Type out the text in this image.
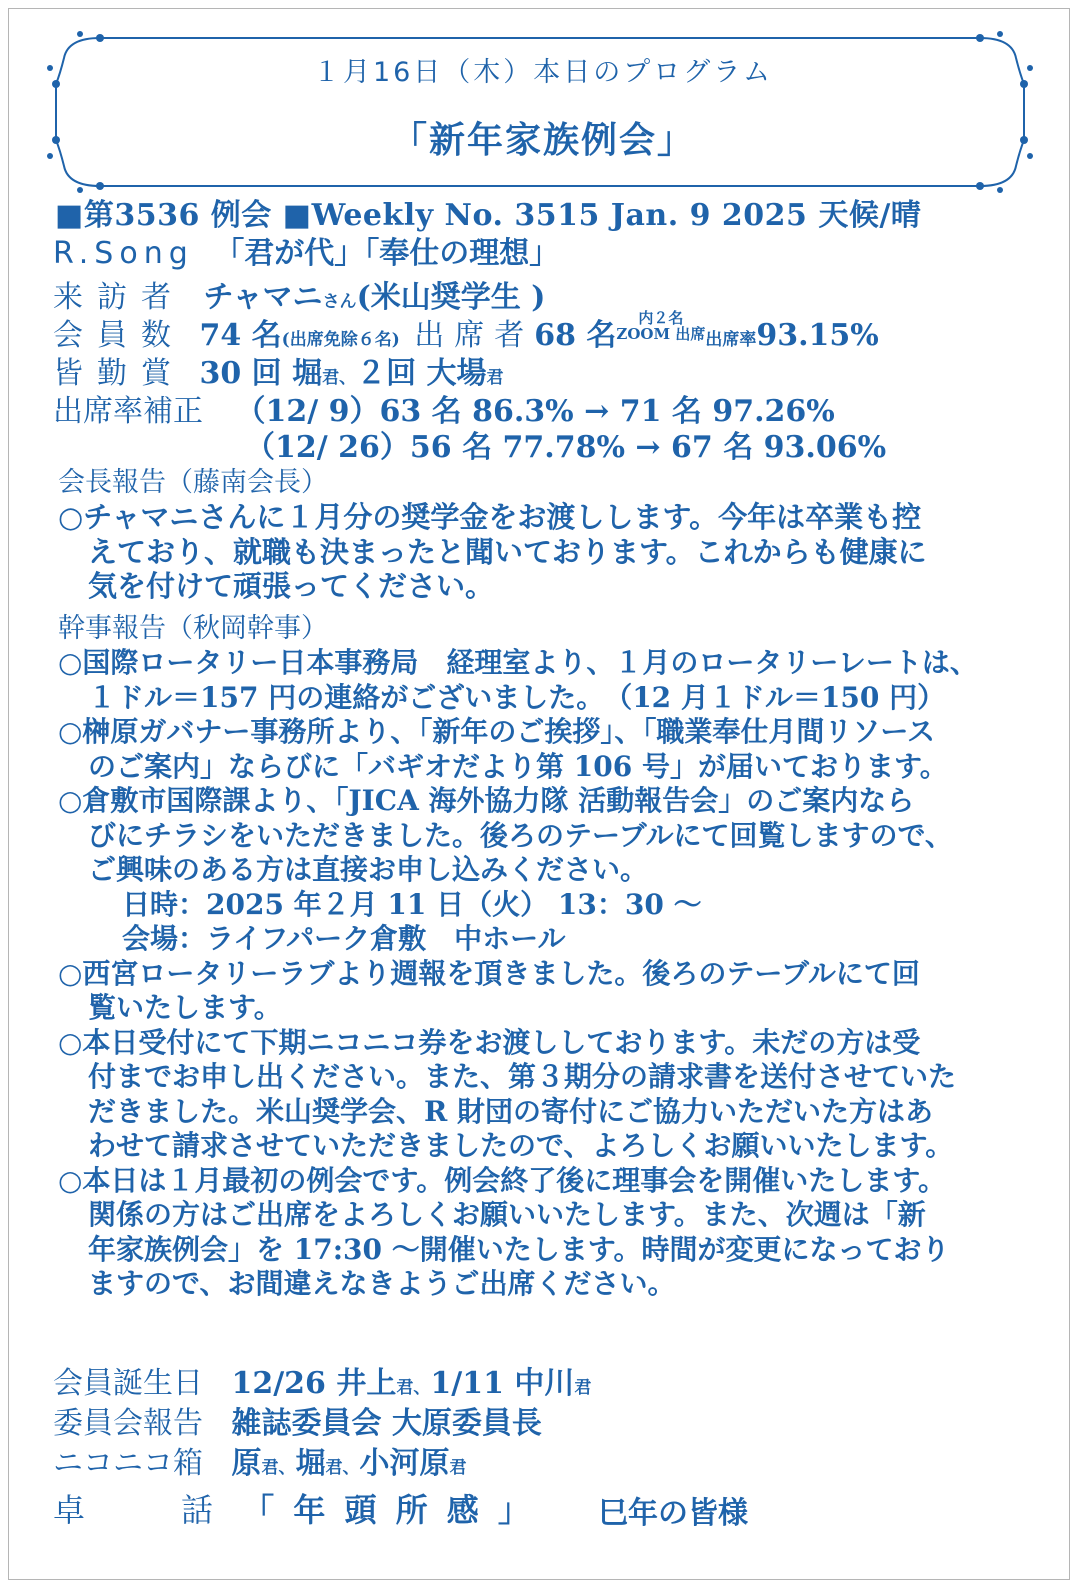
１月16日（木）本日のプログラム
「新年家族例会」
■第3536 例会 ■Weekly No. 3515 Jan. 9 2025 天候/晴
R.Song 「君が代」「奉仕の理想」
来訪者 チャマニさん(米山奨学生 )
会員数 74 名(出席免除６名) 出席者68 名	内２名
ZOOM 出席 出席率93.15%
皆勤賞 30 回 堀君、２回 大場君
出席率補正 （12/ 9）63 名 86.3% → 71 名 97.26%
（12/ 26）56 名 77.78% → 67 名 93.06%
会長報告（藤南会長）

○チャマニさんに１月分の奨学金をお渡しします。今年は卒業も控

えており、就職も決まったと聞いております。これからも健康に

気を付けて頑張ってください。

幹事報告（秋岡幹事）

○国際ロータリー日本事務局　経理室より、１月のロータリーレートは、

１ドル＝157 円の連絡がございました。　（12 月１ドル＝150 円）

○榊原ガバナー事務所より、「新年のご挨拶」、「職業奉仕月間リソース

のご案内」ならびに「バギオだより第 106 号」が届いております。

○倉敷市国際課より、「JICA 海外協力隊 活動報告会」のご案内なら

びにチラシをいただきました。後ろのテーブルにて回覧しますので、

ご興味のある方は直接お申し込みください。

日時：2025 年２月 11 日（火） 13：30 ～

会場：ライフパーク倉敷　中ホール

○西宮ロータリーラブより週報を頂きました。後ろのテーブルにて回

覧いたします。

○本日受付にて下期ニコニコ券をお渡ししております。未だの方は受

付までお申し出ください。また、第３期分の請求書を送付させていた

だきました。米山奨学会、R 財団の寄付にご協力いただいた方はあ

わせて請求させていただきましたので、よろしくお願いいたします。

○本日は１月最初の例会です。例会終了後に理事会を開催いたします。

関係の方はご出席をよろしくお願いいたします。また、次週は「新

年家族例会」を 17:30 ～開催いたします。時間が変更になっており

ますので、お間違えなきようご出席ください。

会員誕生日 12/26 井上君、1/11 中川君
委員会報告 雑誌委員会 大原委員長
ニコニコ箱 原君、堀君、小河原君
卓	話 「 年 頭 所 感 」 巳年の皆様
